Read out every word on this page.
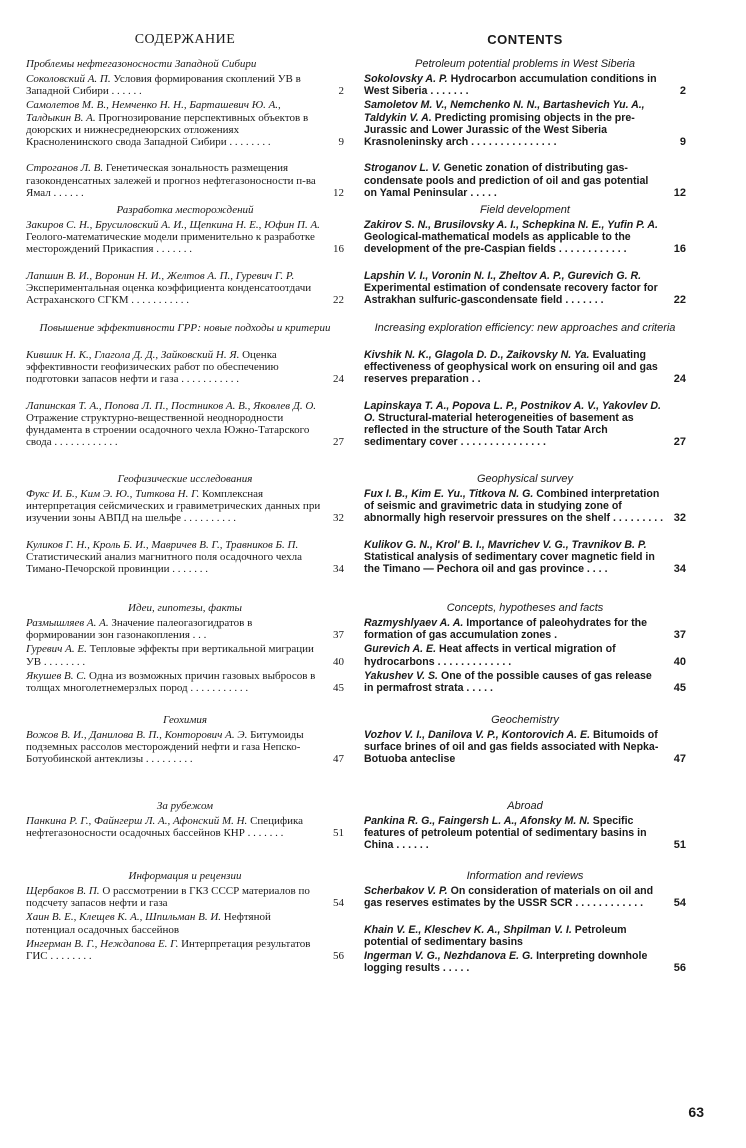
СОДЕРЖАНИЕ
Проблемы нефтегазоносности Западной Сибири
Соколовский А. П. Условия формирования скоплений УВ в Западной Сибири . . . . . .	2
Самолетов М. В., Немченко Н. Н., Барташевич Ю. А., Талдыкин В. А. Прогнозирование перспективных объектов в доюрских и нижнесреднеюрских отложениях Красноленинского свода Западной Сибири . . . . . . . .	9
Строганов Л. В. Генетическая зональность размещения газоконденсатных залежей и прогноз нефтегазоносности п-ва Ямал . . . . . .	12
Разработка месторождений
Закиров С. Н., Брусиловский А. И., Щепкина Н. Е., Юфин П. А. Геолого-математические модели применительно к разработке месторождений Прикаспия . . . . . . .	16
Лапшин В. И., Воронин Н. И., Желтов А. П., Гуревич Г. Р. Экспериментальная оценка коэффициента конденсатоотдачи Астраханского СГКМ . . . . . . . . . . .	22
Повышение эффективности ГРР: новые подходы и критерии
Кившик Н. К., Глагола Д. Д., Зайковский Н. Я. Оценка эффективности геофизических работ по обеспечению подготовки запасов нефти и газа . . . . . . . . . . .	24
Лапинская Т. А., Попова Л. П., Постников А. В., Яковлев Д. О. Отражение структурно-вещественной неоднородности фундамента в строении осадочного чехла Южно-Татарского свода . . . . . . . . . . . .	27
Геофизические исследования
Фукс И. Б., Ким Э. Ю., Титкова Н. Г. Комплексная интерпретация сейсмических и гравиметрических данных при изучении зоны АВПД на шельфе . . . . . . . . . .	32
Куликов Г. Н., Кроль Б. И., Мавричев В. Г., Травников Б. П. Статистический анализ магнитного поля осадочного чехла Тимано-Печорской провинции . . . . . . .	34
Идеи, гипотезы, факты
Размышляев А. А. Значение палеогазогидратов в формировании зон газонакопления . . .	37
Гуревич А. Е. Тепловые эффекты при вертикальной миграции УВ . . . . . . . .	40
Якушев В. С. Одна из возможных причин газовых выбросов в толщах многолетнемерзлых пород . . . . . . . . . . .	45
Геохимия
Вожов В. И., Данилова В. П., Конторович А. Э. Битумоиды подземных рассолов месторождений нефти и газа Непско-Ботуобинской антеклизы . . . . . . . . .	47
За рубежом
Панкина Р. Г., Файнгерш Л. А., Афонский М. Н. Специфика нефтегазоносности осадочных бассейнов КНР . . . . . . .	51
Информация и рецензии
Щербаков В. П. О рассмотрении в ГКЗ СССР материалов по подсчету запасов нефти и газа	54
Хаин В. Е., Клещев К. А., Шпильман В. И. Нефтяной потенциал осадочных бассейнов
Ингерман В. Г., Неждапова Е. Г. Интерпретация результатов ГИС . . . . . . . .	56
CONTENTS
Petroleum potential problems in West Siberia
Sokolovsky A. P. Hydrocarbon accumulation conditions in West Siberia . . . . . . .	2
Samoletov M. V., Nemchenko N. N., Bartashevich Yu. A., Taldykin V. A. Predicting promising objects in the pre-Jurassic and Lower Jurassic of the West Siberia Krasnoleninsky arch . . . . . . . . . . . . . . .	9
Stroganov L. V. Genetic zonation of distributing gas-condensate pools and prediction of oil and gas potential on Yamal Peninsular . . . . .	12
Field development
Zakirov S. N., Brusilovsky A. I., Schepkina N. E., Yufin P. A. Geological-mathematical models as applicable to the development of the pre-Caspian fields . . . . . . . . . . . .	16
Lapshin V. I., Voronin N. I., Zheltov A. P., Gurevich G. R. Experimental estimation of condensate recovery factor for Astrakhan sulfuric-gascondensate field . . . . . . .	22
Increasing exploration efficiency: new approaches and criteria
Kivshik N. K., Glagola D. D., Zaikovsky N. Ya. Evaluating effectiveness of geophysical work on ensuring oil and gas reserves preparation . .	24
Lapinskaya T. A., Popova L. P., Postnikov A. V., Yakovlev D. O. Structural-material heterogeneities of basement as reflected in the structure of the South Tatar Arch sedimentary cover . . . . . . . . . . . . . . .	27
Geophysical survey
Fux I. B., Kim E. Yu., Titkova N. G. Combined interpretation of seismic and gravimetric data in studying zone of abnormally high reservoir pressures on the shelf . . . . . . . . . 32
Kulikov G. N., Krol' B. I., Mavrichev V. G., Travnikov B. P. Statistical analysis of sedimentary cover magnetic field in the Timano — Pechora oil and gas province . . . .	34
Concepts, hypotheses and facts
Razmyshlyaev A. A. Importance of paleohydrates for the formation of gas accumulation zones .	37
Gurevich A. E. Heat affects in vertical migration of hydrocarbons . . . . . . . . . . . . .	40
Yakushev V. S. One of the possible causes of gas release in permafrost strata . . . . .	45
Geochemistry
Vozhov V. I., Danilova V. P., Kontorovich A. E. Bitumoids of surface brines of oil and gas fields associated with Nepka-Botuoba anteclise	47
Abroad
Pankina R. G., Faingersh L. A., Afonsky M. N. Specific features of petroleum potential of sedimentary basins in China . . . . . .	51
Information and reviews
Scherbakov V. P. On consideration of materials on oil and gas reserves estimates by the USSR SCR . . . . . . . . . . . .	54
Khain V. E., Kleschev K. A., Shpilman V. I. Petroleum potential of sedimentary basins
Ingerman V. G., Nezhdanova E. G. Interpreting downhole logging results . . . . .	56
63
